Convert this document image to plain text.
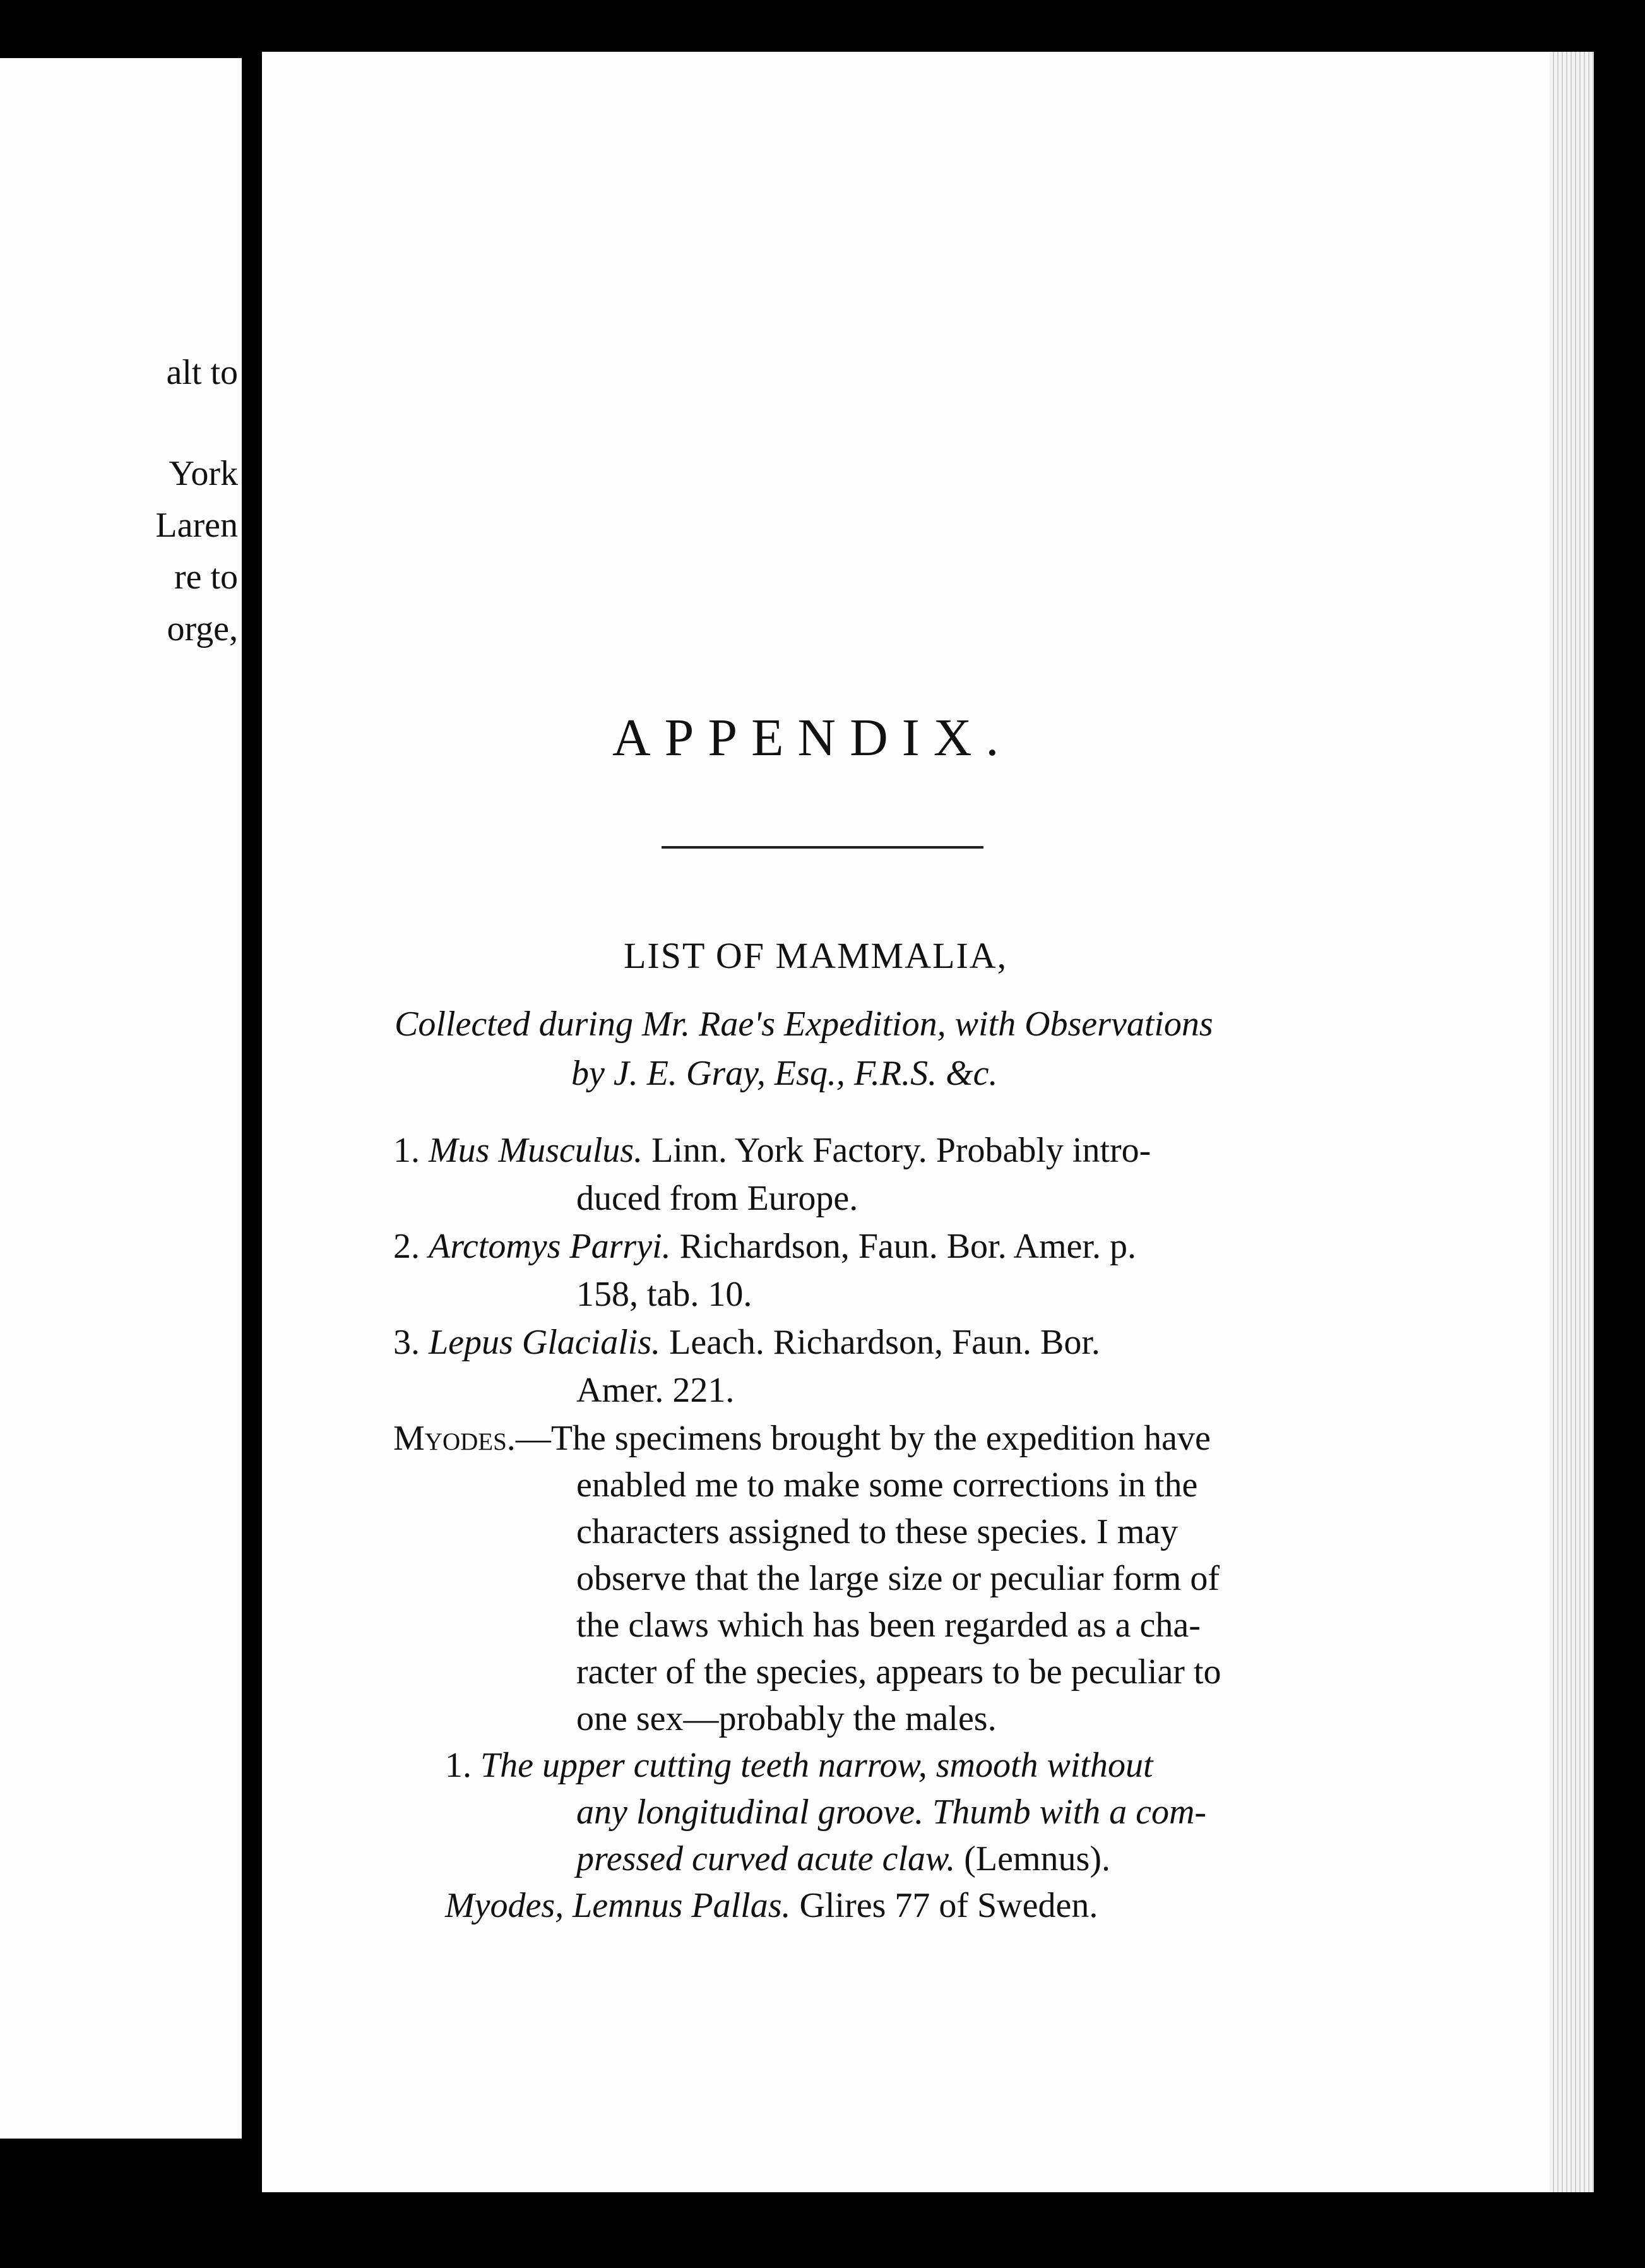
alt to
York
Laren
re to
orge,
APPENDIX.
LIST OF MAMMALIA,
Collected during Mr. Rae's Expedition, with Observations
by J. E. Gray, Esq., F.R.S. &c.
1. Mus Musculus. Linn. York Factory. Probably intro-
duced from Europe.
2. Arctomys Parryi. Richardson, Faun. Bor. Amer. p.
158, tab. 10.
3. Lepus Glacialis. Leach. Richardson, Faun. Bor.
Amer. 221.
Myodes.—The specimens brought by the expedition have
enabled me to make some corrections in the
characters assigned to these species. I may
observe that the large size or peculiar form of
the claws which has been regarded as a cha-
racter of the species, appears to be peculiar to
one sex—probably the males.
1. The upper cutting teeth narrow, smooth without
any longitudinal groove. Thumb with a com-
pressed curved acute claw. (Lemnus).
Myodes, Lemnus Pallas. Glires 77 of Sweden.
